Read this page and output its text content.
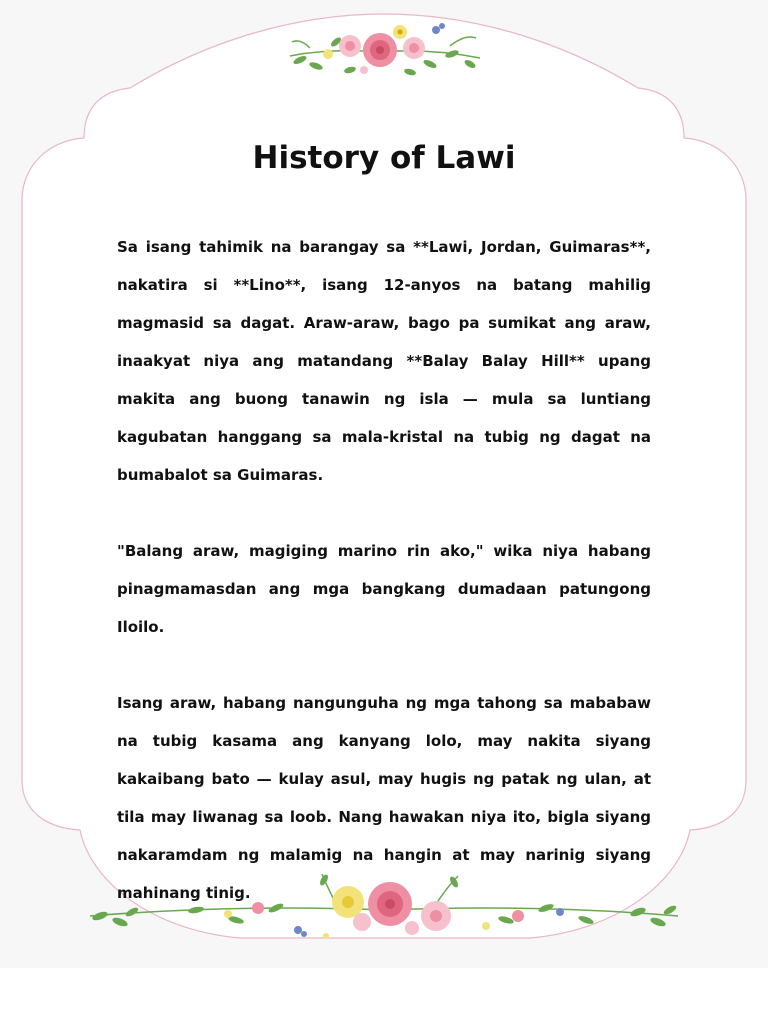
History of Lawi

Sa isang tahimik na barangay sa **Lawi, Jordan, Guimaras**, nakatira si **Lino**, isang 12-anyos na batang mahilig magmasid sa dagat. Araw-araw, bago pa sumikat ang araw, inaakyat niya ang matandang **Balay Balay Hill** upang makita ang buong tanawin ng isla — mula sa luntiang kagubatan hanggang sa mala-kristal na tubig ng dagat na bumabalot sa Guimaras.

"Balang araw, magiging marino rin ako," wika niya habang pinagmamasdan ang mga bangkang dumadaan patungong Iloilo.

Isang araw, habang nangunguha ng mga tahong sa mababaw na tubig kasama ang kanyang lolo, may nakita siyang kakaibang bato — kulay asul, may hugis ng patak ng ulan, at tila may liwanag sa loob. Nang hawakan niya ito, bigla siyang nakaramdam ng malamig na hangin at may narinig siyang mahinang tinig.
